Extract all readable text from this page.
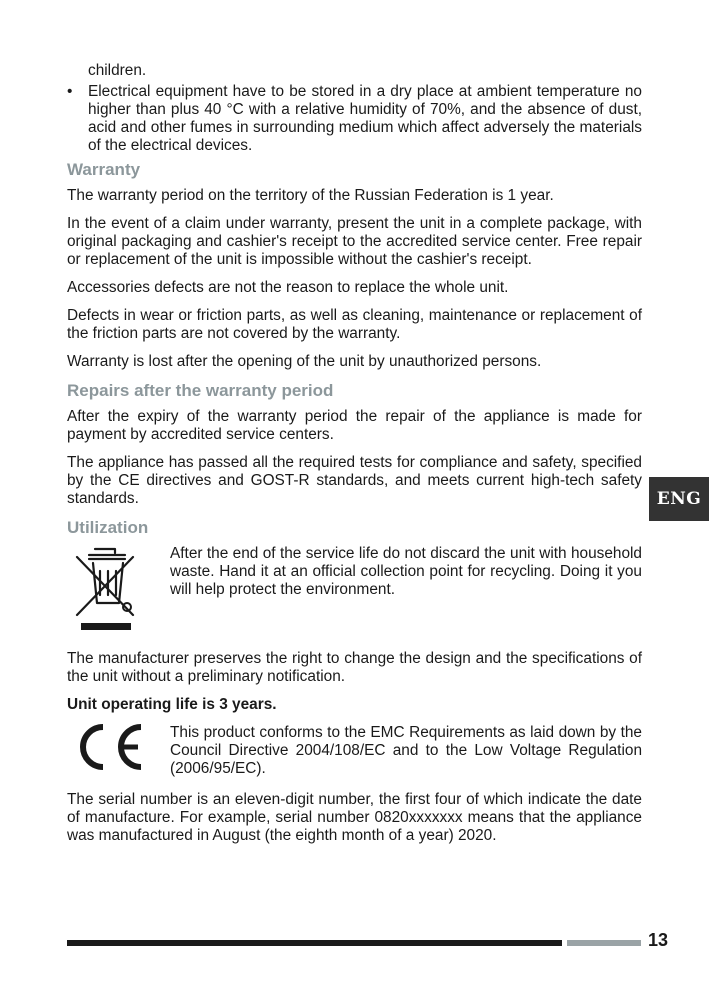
children.

• Electrical equipment have to be stored in a dry place at ambient temperature no higher than plus 40 °C with a relative humidity of 70%, and the absence of dust, acid and other fumes in surrounding medium which affect adversely the materials of the electrical devices.
Warranty

The warranty period on the territory of the Russian Federation is 1 year.

In the event of a claim under warranty, present the unit in a complete package, with original packaging and cashier's receipt to the accredited service center. Free repair or replacement of the unit is impossible without the cashier's receipt.

Accessories defects are not the reason to replace the whole unit.

Defects in wear or friction parts, as well as cleaning, maintenance or replacement of the friction parts are not covered by the warranty.

Warranty is lost after the opening of the unit by unauthorized persons.

Repairs after the warranty period

After the expiry of the warranty period the repair of the appliance is made for payment by accredited service centers.

The appliance has passed all the required tests for compliance and safety, specified by the CE directives and GOST-R standards, and meets current high-tech safety standards.

Utilization

After the end of the service life do not discard the unit with household waste. Hand it at an official collection point for recycling. Doing it you will help protect the environment.

The manufacturer preserves the right to change the design and the specifications of the unit without a preliminary notification.

Unit operating life is 3 years.

This product conforms to the EMC Requirements as laid down by the Council Directive 2004/108/EC and to the Low Voltage Regulation (2006/95/EC).

The serial number is an eleven-digit number, the first four of which indicate the date of manufacture. For example, serial number 0820xxxxxxx means that the appliance was manufactured in August (the eighth month of a year) 2020.

ENG
13
